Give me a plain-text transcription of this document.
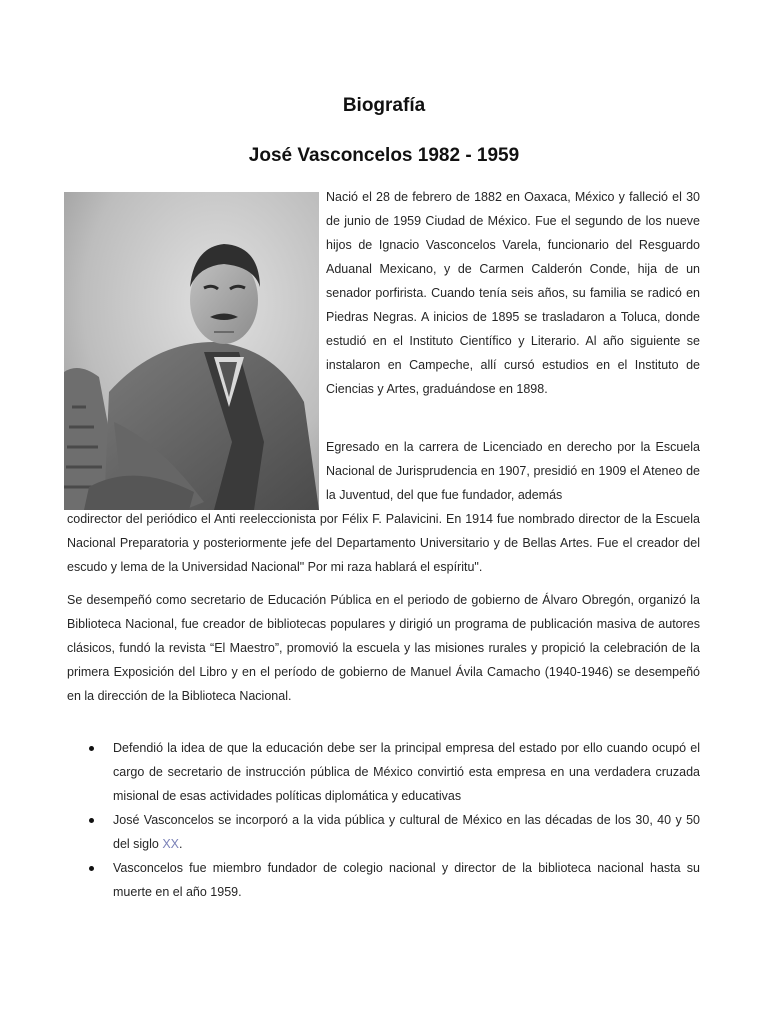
Biografía
José Vasconcelos 1982 - 1959

Nació el 28 de febrero de 1882 en Oaxaca, México y falleció el 30 de junio de 1959 Ciudad de México. Fue el segundo de los nueve hijos de Ignacio Vasconcelos Varela, funcionario del Resguardo Aduanal Mexicano, y de Carmen Calderón Conde, hija de un senador porfirista. Cuando tenía seis años, su familia se radicó en Piedras Negras. A inicios de 1895 se trasladaron a Toluca, donde estudió en el Instituto Científico y Literario. Al año siguiente se instalaron en Campeche, allí cursó estudios en el Instituto de Ciencias y Artes, graduándose en 1898.

Egresado en la carrera de Licenciado en derecho por la Escuela Nacional de Jurisprudencia en 1907, presidió en 1909 el Ateneo de la Juventud, del que fue fundador, además

codirector del periódico el Anti reeleccionista por Félix F. Palavicini. En 1914 fue nombrado director de la Escuela Nacional Preparatoria y posteriormente jefe del Departamento Universitario y de Bellas Artes. Fue el creador del escudo y lema de la Universidad Nacional" Por mi raza hablará el espíritu".

Se desempeñó como secretario de Educación Pública en el periodo de gobierno de Álvaro Obregón, organizó la Biblioteca Nacional, fue creador de bibliotecas populares y dirigió un programa de publicación masiva de autores clásicos, fundó la revista “El Maestro”, promovió la escuela y las misiones rurales y propició la celebración de la primera Exposición del Libro y en el período de gobierno de Manuel Ávila Camacho (1940-1946) se desempeñó en la dirección de la Biblioteca Nacional.

Defendió la idea de que la educación debe ser la principal empresa del estado por ello cuando ocupó el cargo de secretario de instrucción pública de México convirtió esta empresa en una verdadera cruzada misional de esas actividades políticas diplomática y educativas
José Vasconcelos se incorporó a la vida pública y cultural de México en las décadas de los 30, 40 y 50 del siglo XX.
Vasconcelos fue miembro fundador de colegio nacional y director de la biblioteca nacional hasta su muerte en el año 1959.
